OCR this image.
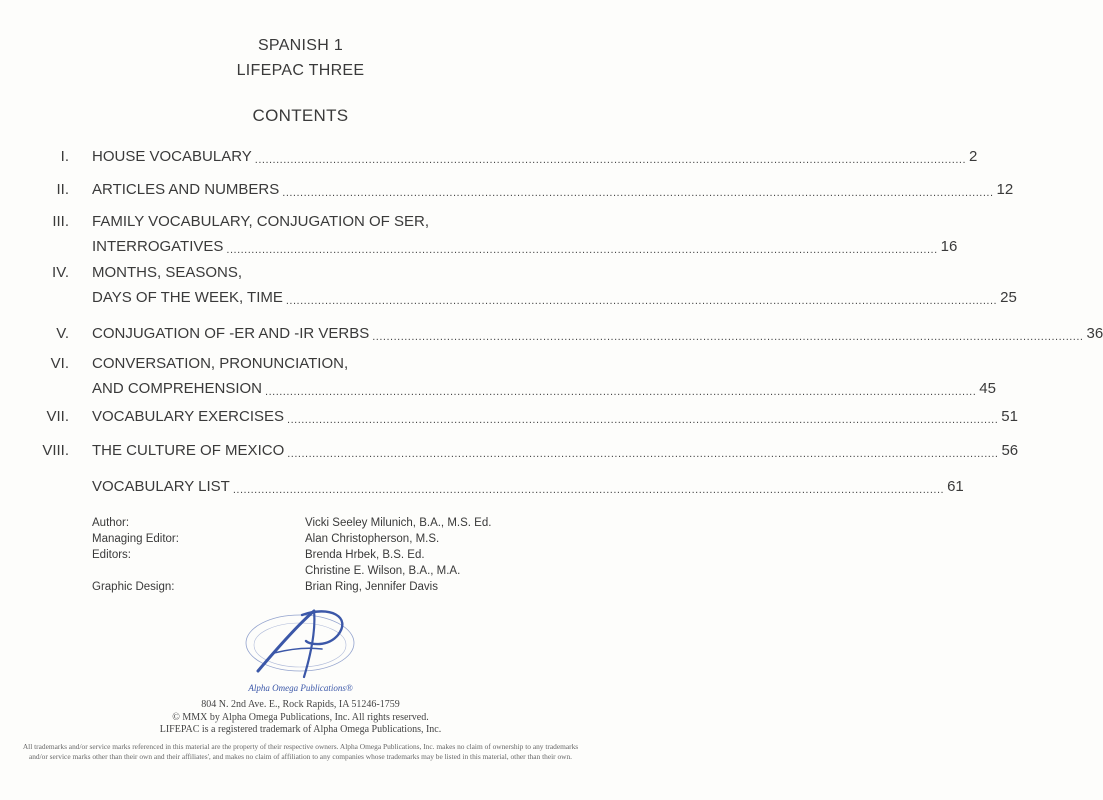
SPANISH 1
LIFEPAC THREE
CONTENTS
I. HOUSE VOCABULARY ........................................................................................................................................................................................................ 2
II. ARTICLES AND NUMBERS ........................................................................................................................................................................................................ 12
III. FAMILY VOCABULARY, CONJUGATION OF SER,
INTERROGATIVES ........................................................................................................................................................................................................ 16
IV. MONTHS, SEASONS,
DAYS OF THE WEEK, TIME ........................................................................................................................................................................................................ 25
V. CONJUGATION OF -ER AND -IR VERBS ........................................................................................................................................................................................................ 36
VI. CONVERSATION, PRONUNCIATION,
AND COMPREHENSION ........................................................................................................................................................................................................ 45
VII. VOCABULARY EXERCISES ........................................................................................................................................................................................................ 51
VIII. THE CULTURE OF MEXICO ........................................................................................................................................................................................................ 56
VOCABULARY LIST ........................................................................................................................................................................................................ 61
Author:	Vicki Seeley Milunich, B.A., M.S. Ed.
Managing Editor:	Alan Christopherson, M.S.
Editors:	Brenda Hrbek, B.S. Ed.
Christine E. Wilson, B.A., M.A.
Graphic Design:	Brian Ring, Jennifer Davis
Alpha Omega Publications®
804 N. 2nd Ave. E., Rock Rapids, IA 51246-1759
© MMX by Alpha Omega Publications, Inc. All rights reserved.
LIFEPAC is a registered trademark of Alpha Omega Publications, Inc.
All trademarks and/or service marks referenced in this material are the property of their respective owners. Alpha Omega Publications, Inc. makes no claim of ownership to any trademarks and/or service marks other than their own and their affiliates', and makes no claim of affiliation to any companies whose trademarks may be listed in this material, other than their own.
